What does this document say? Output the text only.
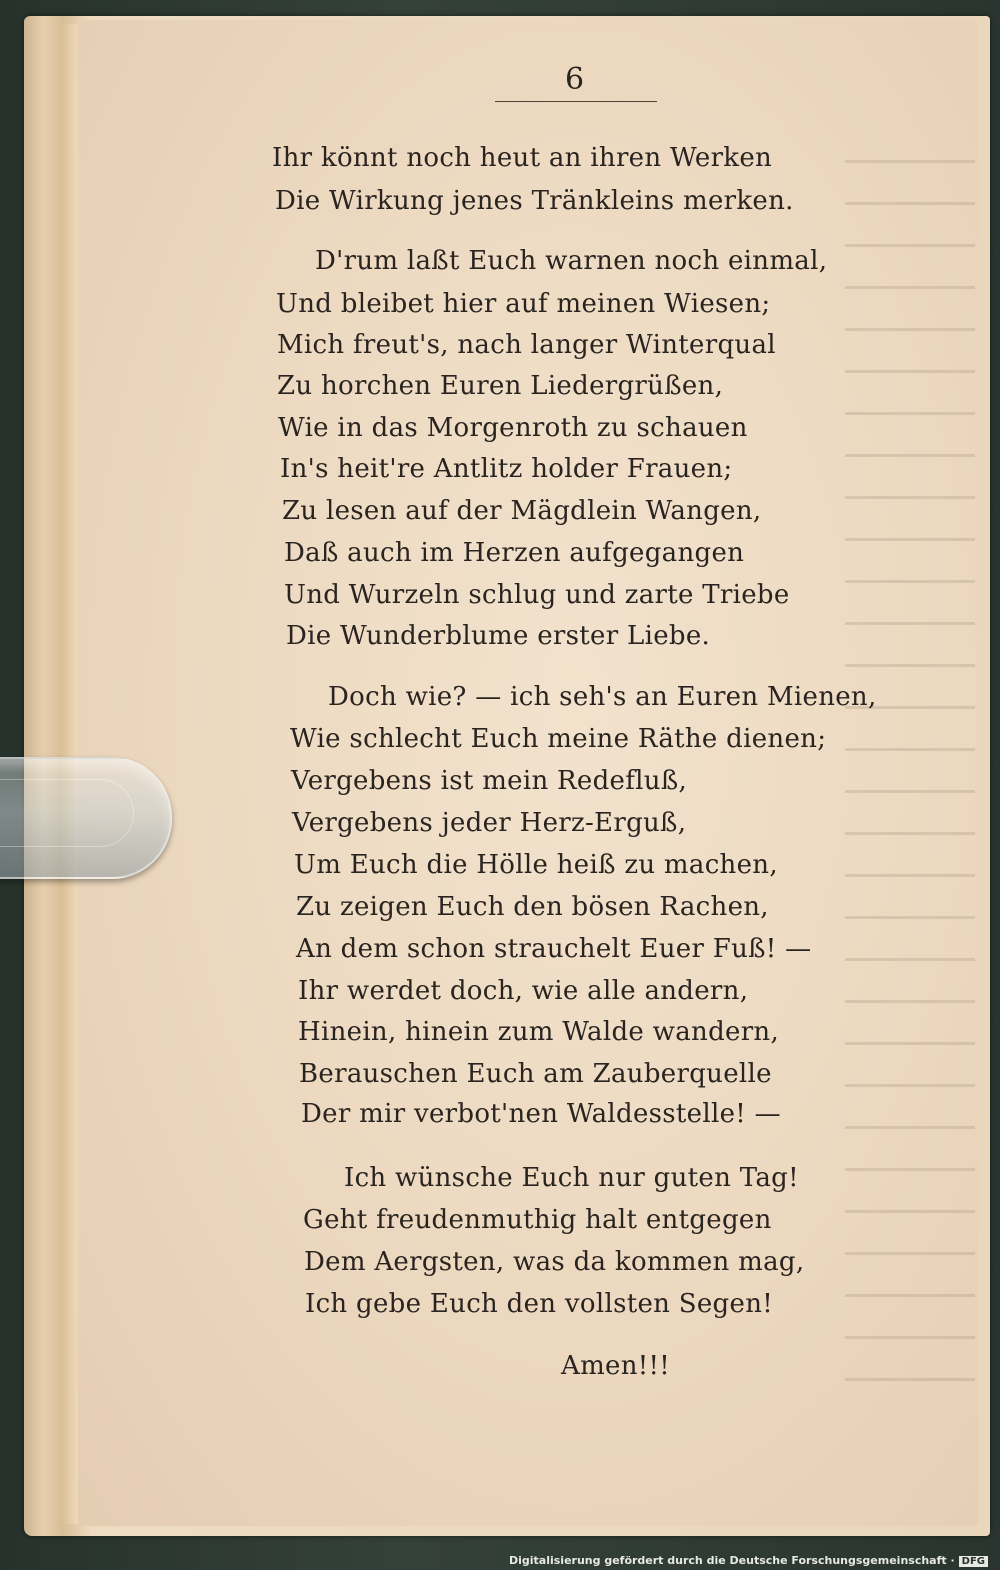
6
Ihr könnt noch heut an ihren Werken
Die Wirkung jenes Tränkleins merken.
D'rum laßt Euch warnen noch einmal,
Und bleibet hier auf meinen Wiesen;
Mich freut's, nach langer Winterqual
Zu horchen Euren Liedergrüßen,
Wie in das Morgenroth zu schauen
In's heit're Antlitz holder Frauen;
Zu lesen auf der Mägdlein Wangen,
Daß auch im Herzen aufgegangen
Und Wurzeln schlug und zarte Triebe
Die Wunderblume erster Liebe.
Doch wie? — ich seh's an Euren Mienen,
Wie schlecht Euch meine Räthe dienen;
Vergebens ist mein Redefluß,
Vergebens jeder Herz-Erguß,
Um Euch die Hölle heiß zu machen,
Zu zeigen Euch den bösen Rachen,
An dem schon strauchelt Euer Fuß! —
Ihr werdet doch, wie alle andern,
Hinein, hinein zum Walde wandern,
Berauschen Euch am Zauberquelle
Der mir verbot'nen Waldesstelle! —
Ich wünsche Euch nur guten Tag!
Geht freudenmuthig halt entgegen
Dem Aergsten, was da kommen mag,
Ich gebe Euch den vollsten Segen!
Amen!!!
Digitalisierung gefördert durch die Deutsche Forschungsgemeinschaft · DFG
